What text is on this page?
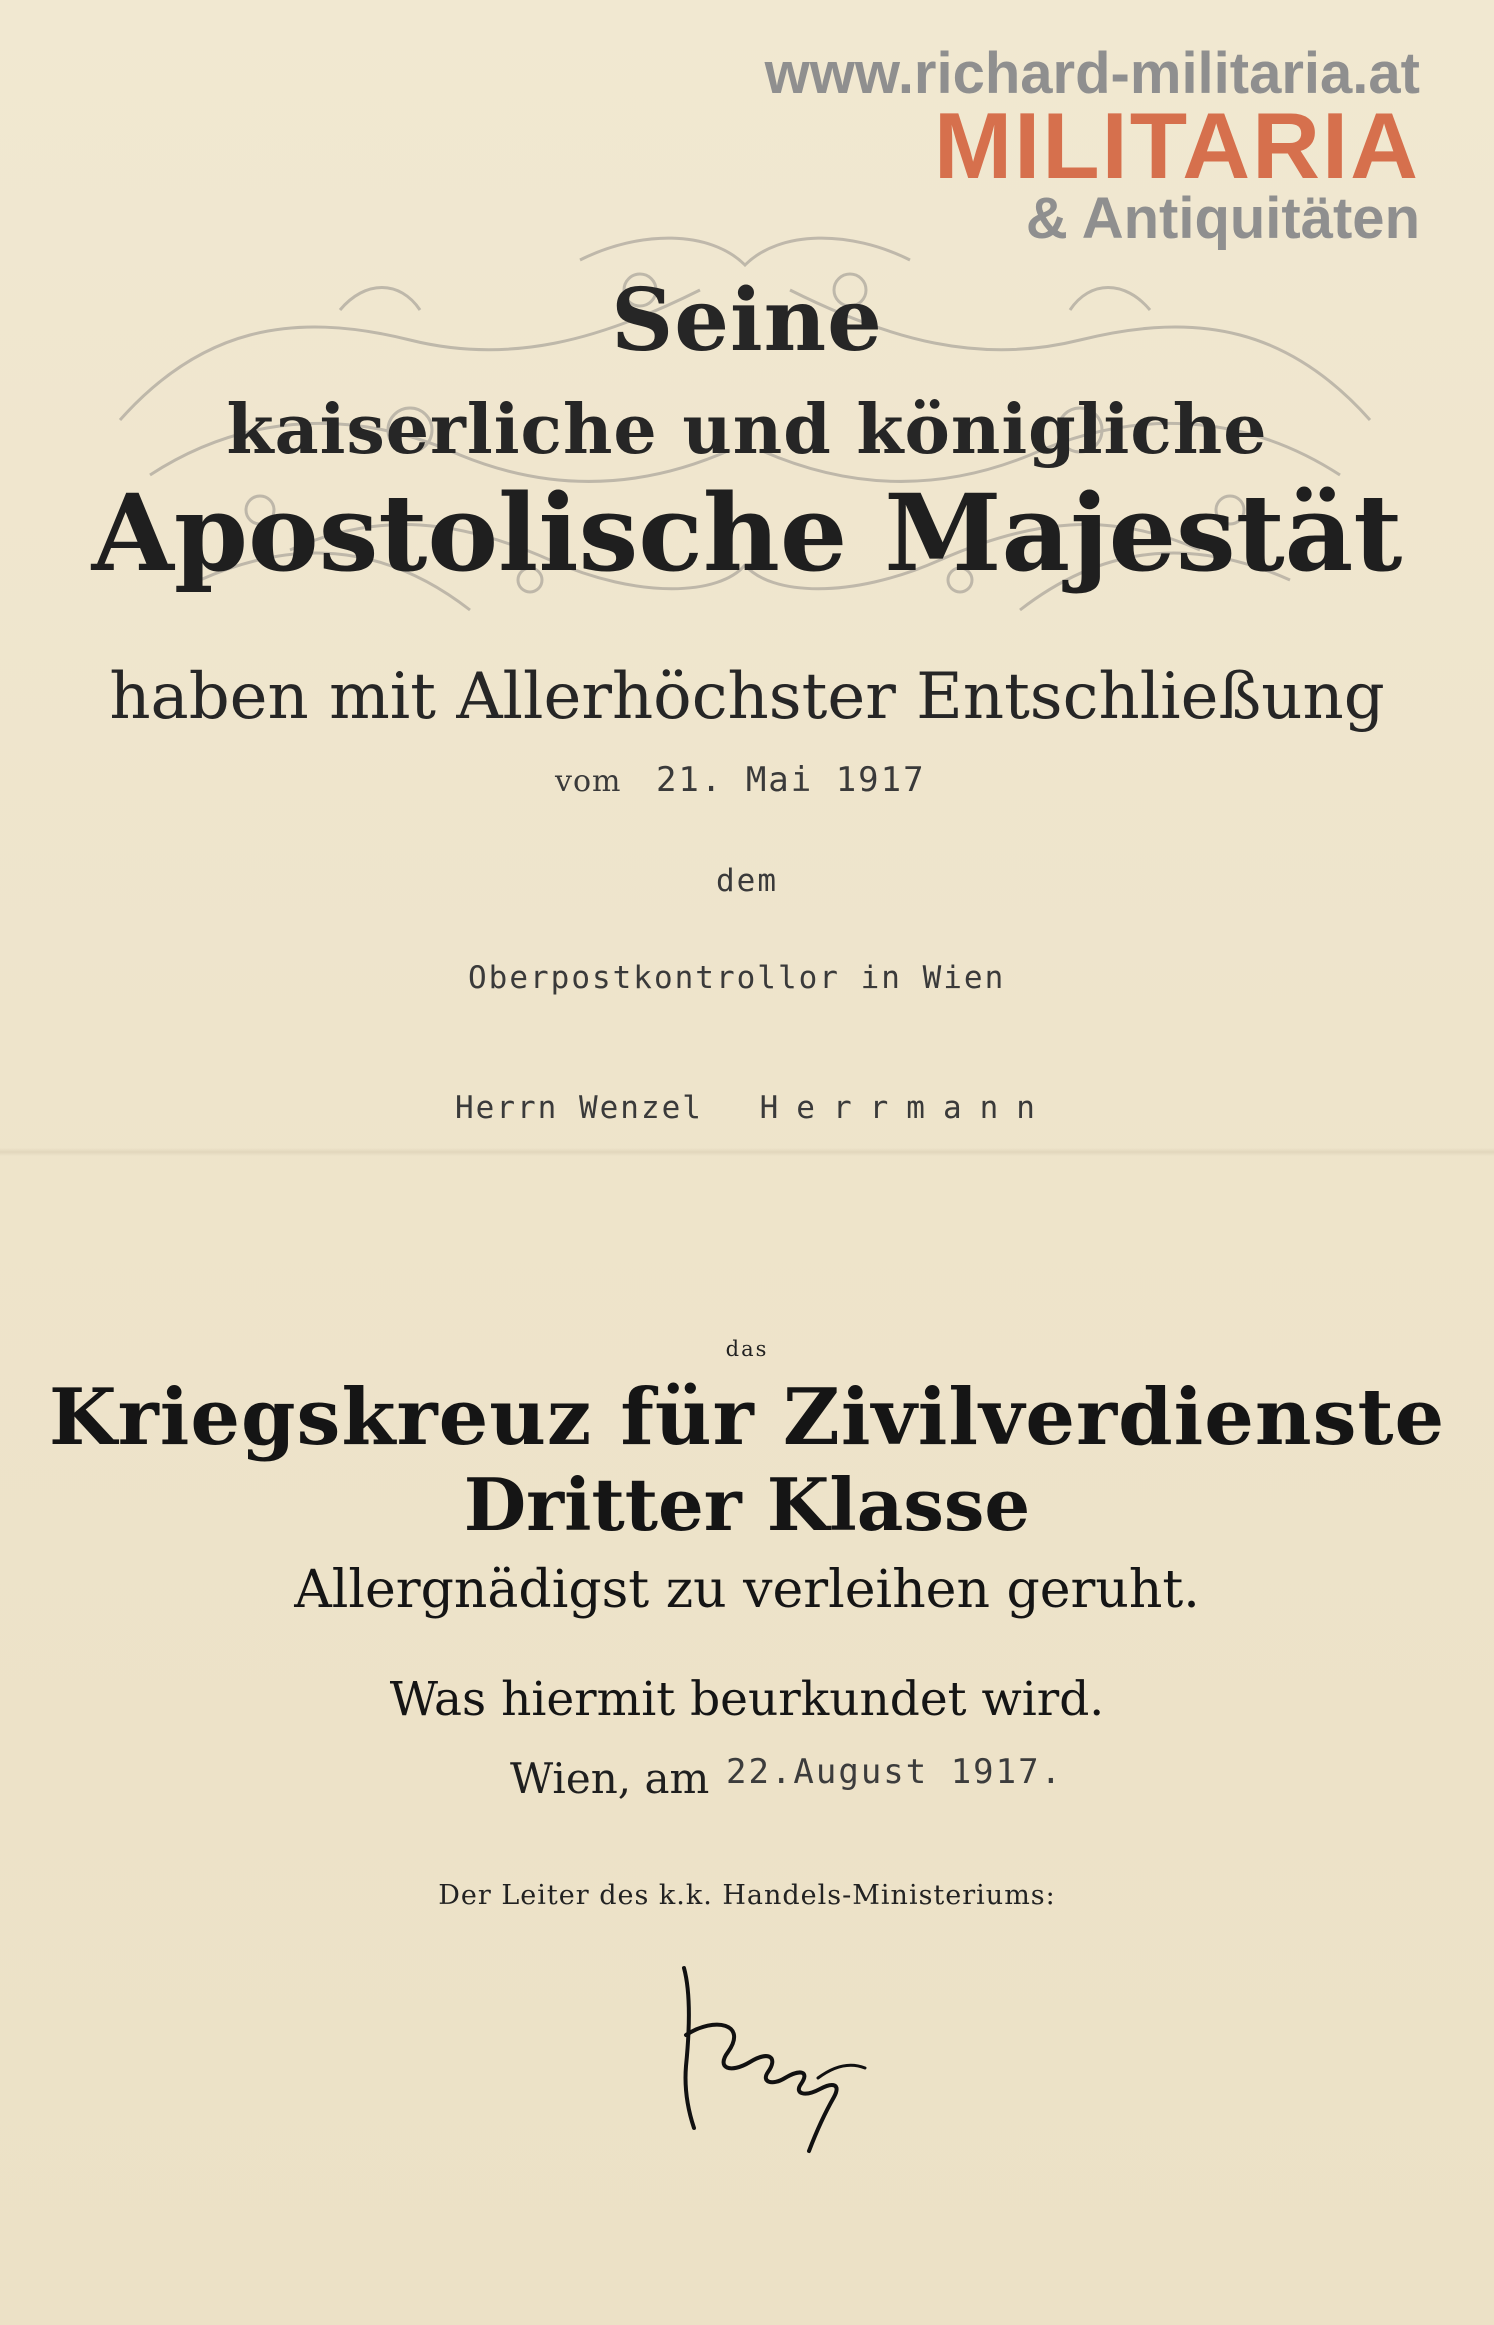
www.richard-militaria.at
MILITARIA
& Antiquitäten
Seine
kaiserliche und königliche
Apostolische Majestät
haben mit Allerhöchster Entschließung
vom 21. Mai 1917
dem
Oberpostkontrollor in Wien
Herrn Wenzel Herrmann
das
Kriegskreuz für Zivilverdienste
Dritter Klasse
Allergnädigst zu verleihen geruht.
Was hiermit beurkundet wird.
Wien, am 22.August 1917.
Der Leiter des k.k. Handels-Ministeriums:
